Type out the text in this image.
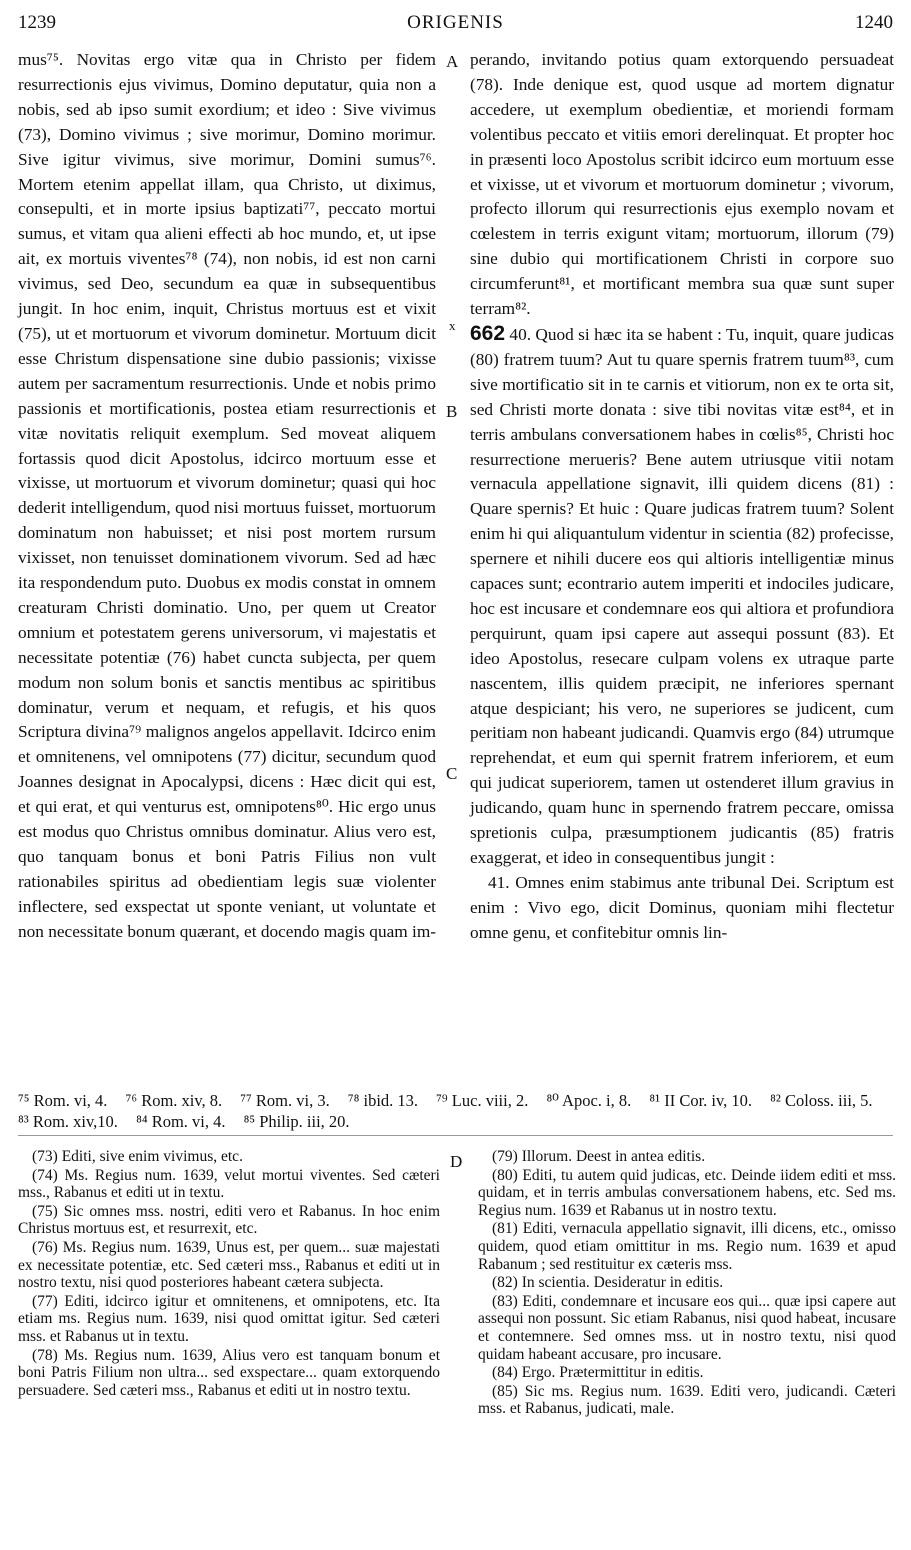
1239	ORIGENIS	1240
A
x
B
C
D

mus⁷⁵. Novitas ergo vitæ qua in Christo per fidem resurrectionis ejus vivimus, Domino deputatur, quia non a nobis, sed ab ipso sumit exordium; et ideo : Sive vivimus (73), Domino vivimus ; sive morimur, Domino morimur. Sive igitur vivimus, sive morimur, Domini sumus⁷⁶. Mortem etenim appellat illam, qua Christo, ut diximus, consepulti, et in morte ipsius baptizati⁷⁷, peccato mortui sumus, et vitam qua alieni effecti ab hoc mundo, et, ut ipse ait, ex mortuis viventes⁷⁸ (74), non nobis, id est non carni vivimus, sed Deo, secundum ea quæ in subsequentibus jungit. In hoc enim, inquit, Christus mortuus est et vixit (75), ut et mortuorum et vivorum dominetur. Mortuum dicit esse Christum dispensatione sine dubio passionis; vixisse autem per sacramentum resurrectionis. Unde et nobis primo passionis et mortificationis, postea etiam resurrectionis et vitæ novitatis reliquit exemplum. Sed moveat aliquem fortassis quod dicit Apostolus, idcirco mortuum esse et vixisse, ut mortuorum et vivorum dominetur; quasi qui hoc dederit intelligendum, quod nisi mortuus fuisset, mortuorum dominatum non habuisset; et nisi post mortem rursum vixisset, non tenuisset dominationem vivorum. Sed ad hæc ita respondendum puto. Duobus ex modis constat in omnem creaturam Christi dominatio. Uno, per quem ut Creator omnium et potestatem gerens universorum, vi majestatis et necessitate potentiæ (76) habet cuncta subjecta, per quem modum non solum bonis et sanctis mentibus ac spiritibus dominatur, verum et nequam, et refugis, et his quos Scriptura divina⁷⁹ malignos angelos appellavit. Idcirco enim et omnitenens, vel omnipotens (77) dicitur, secundum quod Joannes designat in Apocalypsi, dicens : Hæc dicit qui est, et qui erat, et qui venturus est, omnipotens⁸⁰. Hic ergo unus est modus quo Christus omnibus dominatur. Alius vero est, quo tanquam bonus et boni Patris Filius non vult rationabiles spiritus ad obedientiam legis suæ violenter inflectere, sed exspectat ut sponte veniant, ut voluntate et non necessitate bonum quærant, et docendo magis quam im-

perando, invitando potius quam extorquendo persuadeat (78). Inde denique est, quod usque ad mortem dignatur accedere, ut exemplum obedientiæ, et moriendi formam volentibus peccato et vitiis emori derelinquat. Et propter hoc in præsenti loco Apostolus scribit idcirco eum mortuum esse et vixisse, ut et vivorum et mortuorum dominetur ; vivorum, profecto illorum qui resurrectionis ejus exemplo novam et cœlestem in terris exigunt vitam; mortuorum, illorum (79) sine dubio qui mortificationem Christi in corpore suo circumferunt⁸¹, et mortificant membra sua quæ sunt super terram⁸².

662 40. Quod si hæc ita se habent : Tu, inquit, quare judicas (80) fratrem tuum? Aut tu quare spernis fratrem tuum⁸³, cum sive mortificatio sit in te carnis et vitiorum, non ex te orta sit, sed Christi morte donata : sive tibi novitas vitæ est⁸⁴, et in terris ambulans conversationem habes in cœlis⁸⁵, Christi hoc resurrectione merueris? Bene autem utriusque vitii notam vernacula appellatione signavit, illi quidem dicens (81) : Quare spernis? Et huic : Quare judicas fratrem tuum? Solent enim hi qui aliquantulum videntur in scientia (82) profecisse, spernere et nihili ducere eos qui altioris intelligentiæ minus capaces sunt; econtrario autem imperiti et indociles judicare, hoc est incusare et condemnare eos qui altiora et profundiora perquirunt, quam ipsi capere aut assequi possunt (83). Et ideo Apostolus, resecare culpam volens ex utraque parte nascentem, illis quidem præcipit, ne inferiores spernant atque despiciant; his vero, ne superiores se judicent, cum peritiam non habeant judicandi. Quamvis ergo (84) utrumque reprehendat, et eum qui spernit fratrem inferiorem, et eum qui judicat superiorem, tamen ut ostenderet illum gravius in judicando, quam hunc in spernendo fratrem peccare, omissa spretionis culpa, præsumptionem judicantis (85) fratris exaggerat, et ideo in consequentibus jungit :

41. Omnes enim stabimus ante tribunal Dei. Scriptum est enim : Vivo ego, dicit Dominus, quoniam mihi flectetur omne genu, et confitebitur omnis lin-

⁷⁵ Rom. vi, 4. ⁷⁶ Rom. xiv, 8. ⁷⁷ Rom. vi, 3. ⁷⁸ ibid. 13. ⁷⁹ Luc. viii, 2. ⁸⁰ Apoc. i, 8. ⁸¹ II Cor. iv, 10. ⁸² Coloss. iii, 5. ⁸³ Rom. xiv,10. ⁸⁴ Rom. vi, 4. ⁸⁵ Philip. iii, 20.

(73) Editi, sive enim vivimus, etc.

(74) Ms. Regius num. 1639, velut mortui viventes. Sed cæteri mss., Rabanus et editi ut in textu.

(75) Sic omnes mss. nostri, editi vero et Rabanus. In hoc enim Christus mortuus est, et resurrexit, etc.

(76) Ms. Regius num. 1639, Unus est, per quem... suæ majestati ex necessitate potentiæ, etc. Sed cæteri mss., Rabanus et editi ut in nostro textu, nisi quod posteriores habeant cætera subjecta.

(77) Editi, idcirco igitur et omnitenens, et omnipotens, etc. Ita etiam ms. Regius num. 1639, nisi quod omittat igitur. Sed cæteri mss. et Rabanus ut in textu.

(78) Ms. Regius num. 1639, Alius vero est tanquam bonum et boni Patris Filium non ultra... sed exspectare... quam extorquendo persuadere. Sed cæteri mss., Rabanus et editi ut in nostro textu.

(79) Illorum. Deest in antea editis.

(80) Editi, tu autem quid judicas, etc. Deinde iidem editi et mss. quidam, et in terris ambulas conversationem habens, etc. Sed ms. Regius num. 1639 et Rabanus ut in nostro textu.

(81) Editi, vernacula appellatio signavit, illi dicens, etc., omisso quidem, quod etiam omittitur in ms. Regio num. 1639 et apud Rabanum ; sed restituitur ex cæteris mss.

(82) In scientia. Desideratur in editis.

(83) Editi, condemnare et incusare eos qui... quæ ipsi capere aut assequi non possunt. Sic etiam Rabanus, nisi quod habeat, incusare et contemnere. Sed omnes mss. ut in nostro textu, nisi quod quidam habeant accusare, pro incusare.

(84) Ergo. Prætermittitur in editis.

(85) Sic ms. Regius num. 1639. Editi vero, judicandi. Cæteri mss. et Rabanus, judicati, male.
